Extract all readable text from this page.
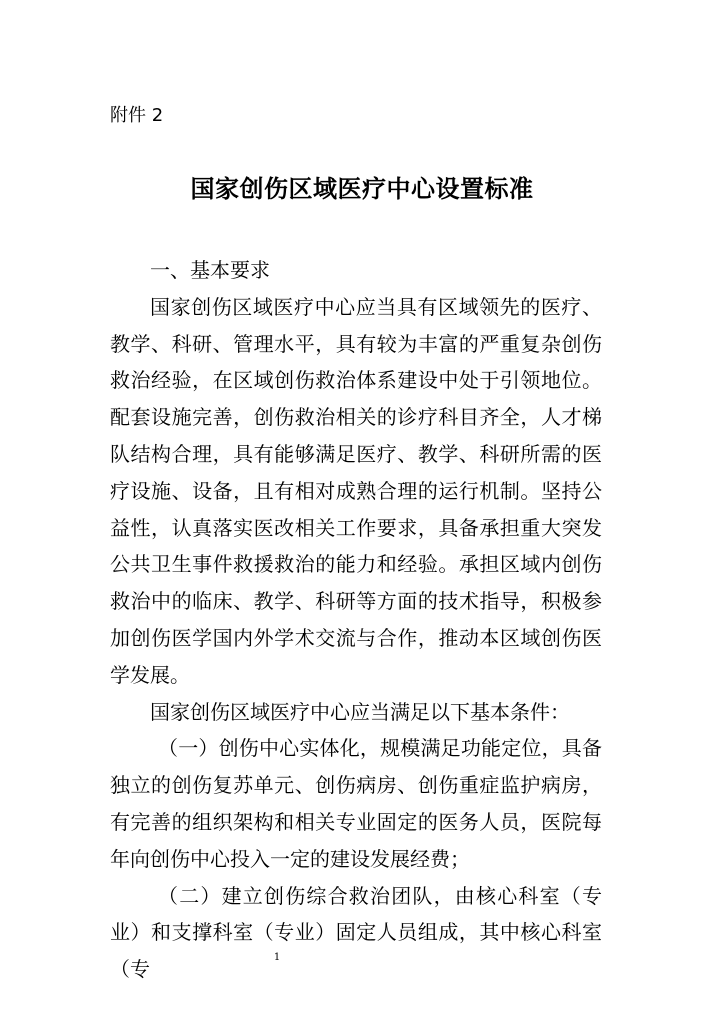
附件 2
国家创伤区域医疗中心设置标准

一、基本要求

国家创伤区域医疗中心应当具有区域领先的医疗、教学、科研、管理水平，具有较为丰富的严重复杂创伤救治经验，在区域创伤救治体系建设中处于引领地位。配套设施完善，创伤救治相关的诊疗科目齐全，人才梯队结构合理，具有能够满足医疗、教学、科研所需的医疗设施、设备，且有相对成熟合理的运行机制。坚持公益性，认真落实医改相关工作要求，具备承担重大突发公共卫生事件救援救治的能力和经验。承担区域内创伤救治中的临床、教学、科研等方面的技术指导，积极参加创伤医学国内外学术交流与合作，推动本区域创伤医学发展。

国家创伤区域医疗中心应当满足以下基本条件：

（一）创伤中心实体化，规模满足功能定位，具备独立的创伤复苏单元、创伤病房、创伤重症监护病房，有完善的组织架构和相关专业固定的医务人员，医院每年向创伤中心投入一定的建设发展经费；

（二）建立创伤综合救治团队，由核心科室（专业）和支撑科室（专业）固定人员组成，其中核心科室（专	1
